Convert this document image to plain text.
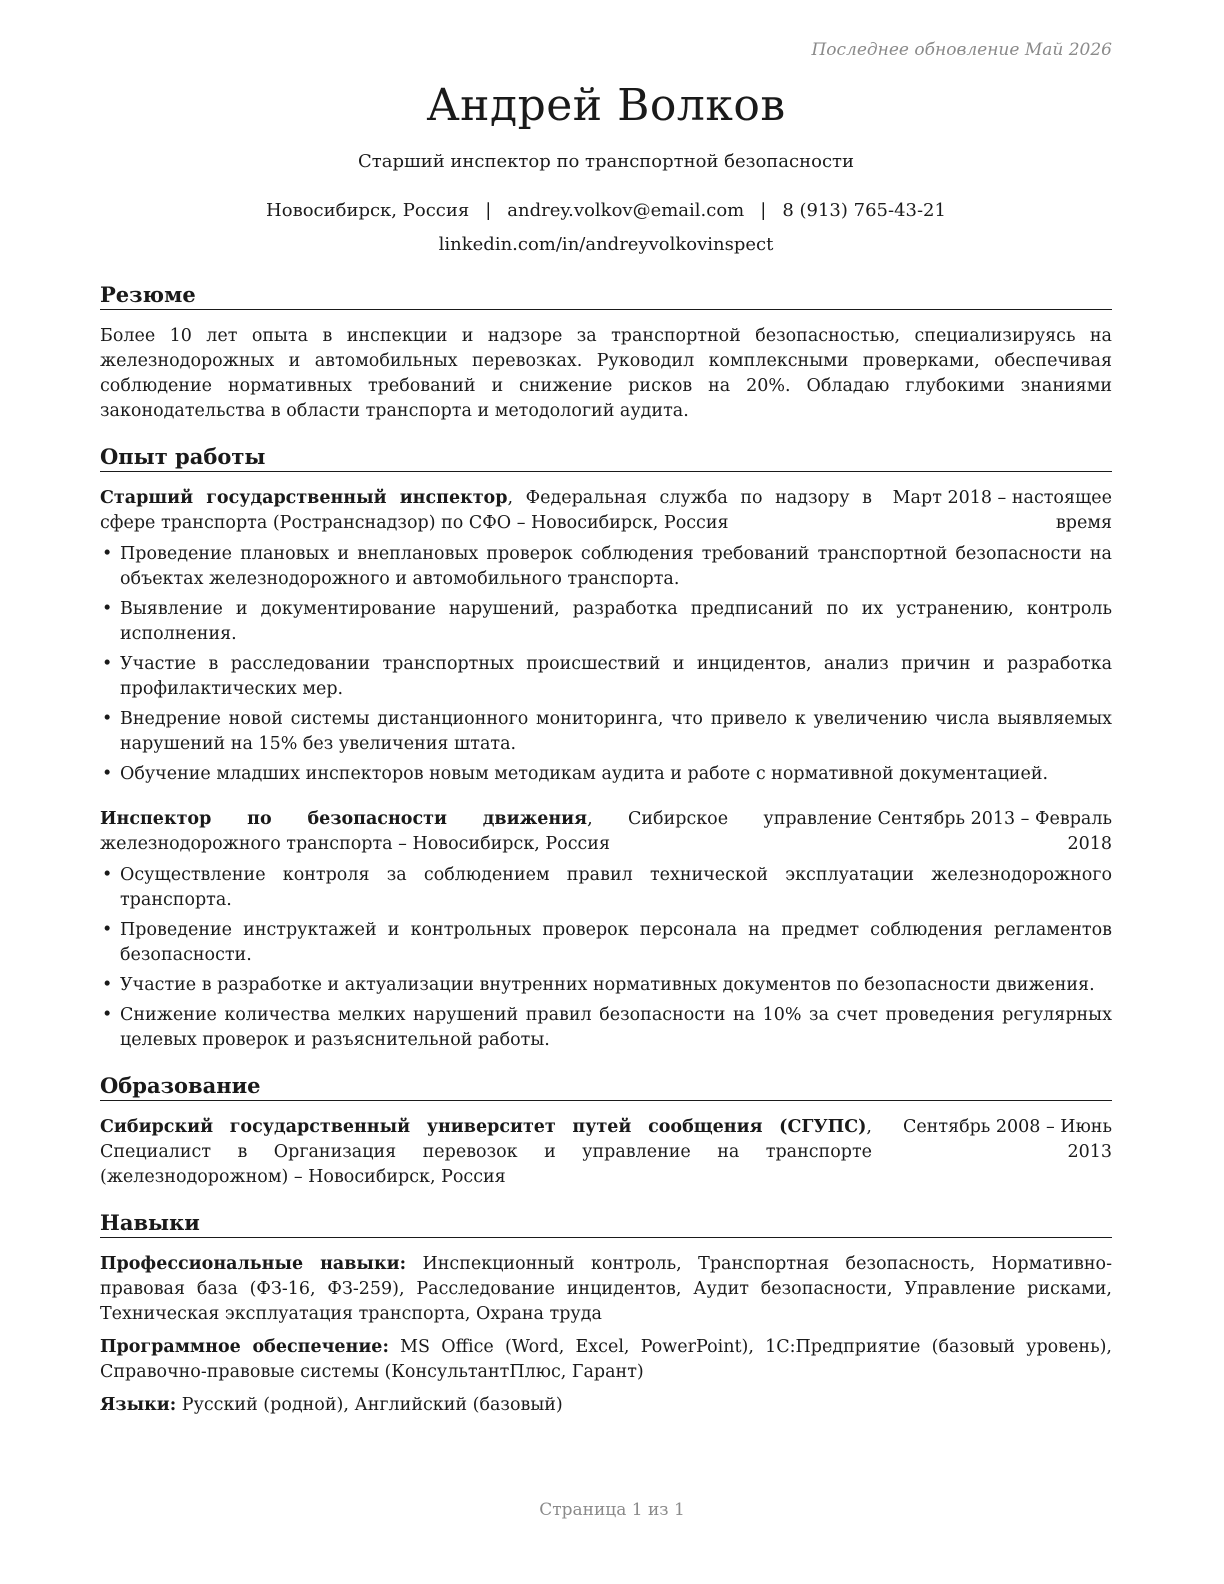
Последнее обновление Май 2026
Андрей Волков
Старший инспектор по транспортной безопасности
Новосибирск, Россия | andrey.volkov@email.com | 8 (913) 765-43-21
linkedin.com/in/andreyvolkovinspect
Резюме
Более 10 лет опыта в инспекции и надзоре за транспортной безопасностью, специализируясь на железнодорожных и автомобильных перевозках. Руководил комплексными проверками, обеспечивая соблюдение нормативных требований и снижение рисков на 20%. Обладаю глубокими знаниями законодательства в области транспорта и методологий аудита.
Опыт работы
Старший государственный инспектор, Федеральная служба по надзору в сфере транспорта (Ространснадзор) по СФО – Новосибирск, Россия
Март 2018 – настоящее время
• Проведение плановых и внеплановых проверок соблюдения требований транспортной безопасности на объектах железнодорожного и автомобильного транспорта.
• Выявление и документирование нарушений, разработка предписаний по их устранению, контроль исполнения.
• Участие в расследовании транспортных происшествий и инцидентов, анализ причин и разработка профилактических мер.
• Внедрение новой системы дистанционного мониторинга, что привело к увеличению числа выявляемых нарушений на 15% без увеличения штата.
• Обучение младших инспекторов новым методикам аудита и работе с нормативной документацией.
Инспектор по безопасности движения, Сибирское управление железнодорожного транспорта – Новосибирск, Россия
Сентябрь 2013 – Февраль 2018
• Осуществление контроля за соблюдением правил технической эксплуатации железнодорожного транспорта.
• Проведение инструктажей и контрольных проверок персонала на предмет соблюдения регламентов безопасности.
• Участие в разработке и актуализации внутренних нормативных документов по безопасности движения.
• Снижение количества мелких нарушений правил безопасности на 10% за счет проведения регулярных целевых проверок и разъяснительной работы.
Образование
Сибирский государственный университет путей сообщения (СГУПС), Специалист в Организация перевозок и управление на транспорте (железнодорожном) – Новосибирск, Россия
Сентябрь 2008 – Июнь 2013
Навыки
Профессиональные навыки: Инспекционный контроль, Транспортная безопасность, Нормативно-правовая база (ФЗ-16, ФЗ-259), Расследование инцидентов, Аудит безопасности, Управление рисками, Техническая эксплуатация транспорта, Охрана труда
Программное обеспечение: MS Office (Word, Excel, PowerPoint), 1С:Предприятие (базовый уровень), Справочно-правовые системы (КонсультантПлюс, Гарант)
Языки: Русский (родной), Английский (базовый)
Страница 1 из 1
